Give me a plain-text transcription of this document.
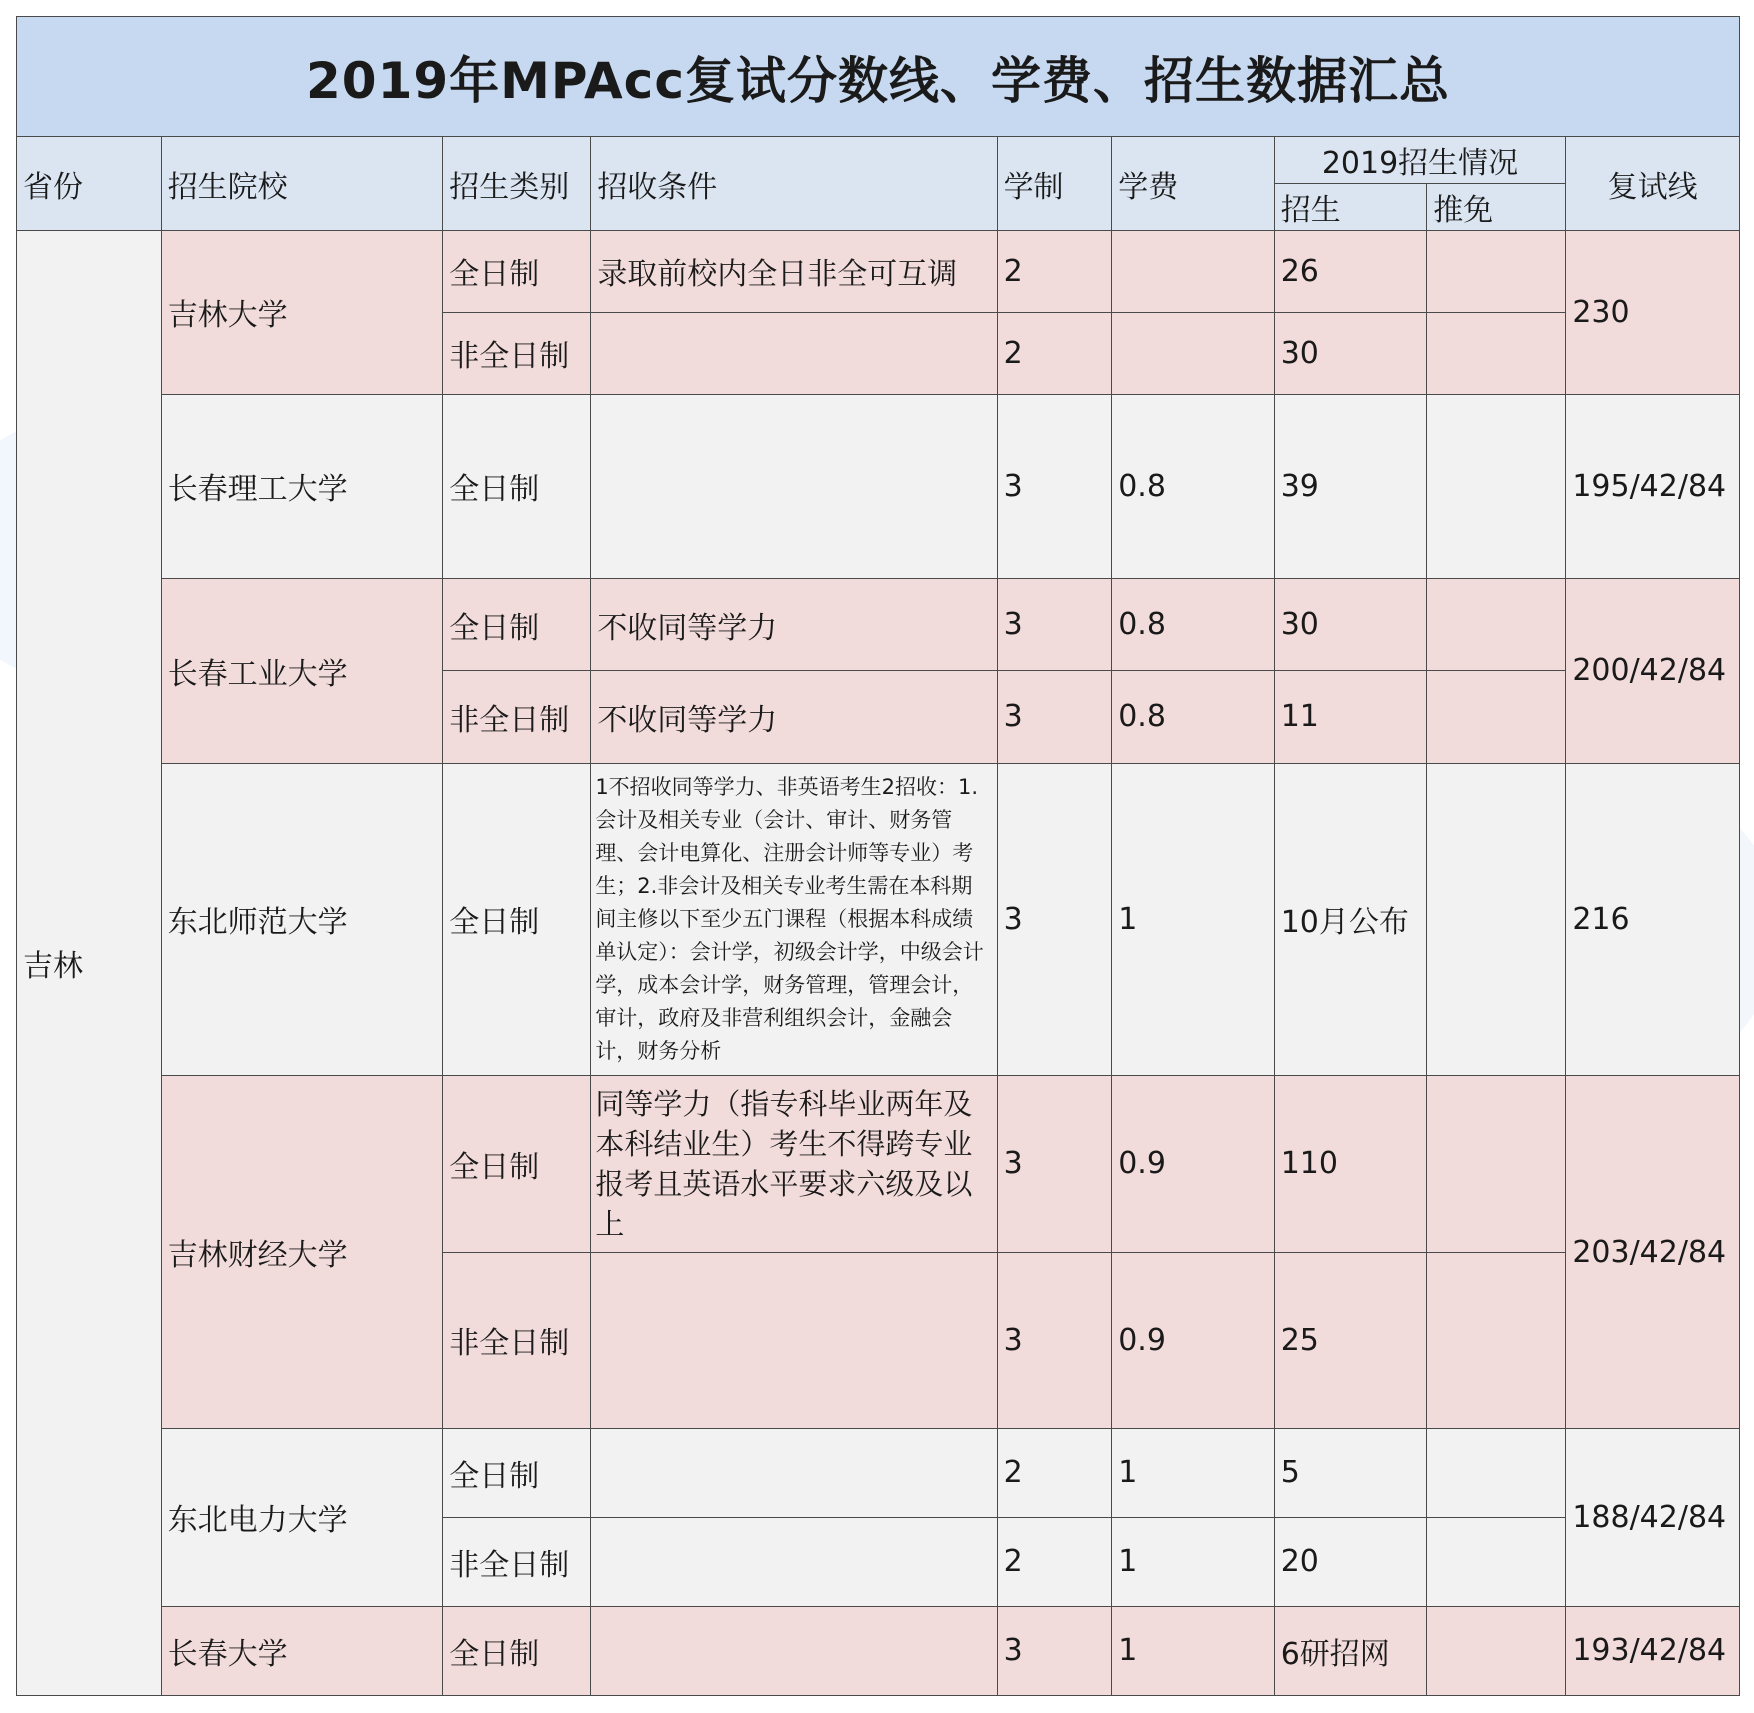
2019年MPAcc复试分数线、学费、招生数据汇总								
省份	招生院校	招生类别	招收条件	学制	学费	2019招生情况		复试线
						招生	推免	
吉林	吉林大学	全日制	录取前校内全日非全可互调	2		26		230
		非全日制		2		30		
	长春理工大学	全日制		3	0.8	39		195/42/84
	长春工业大学	全日制	不收同等学力	3	0.8	30		200/42/84
		非全日制	不收同等学力	3	0.8	11		
	东北师范大学	全日制	1不招收同等学力、非英语考生2招收：1.会计及相关专业（会计、审计、财务管理、会计电算化、注册会计师等专业）考生；2.非会计及相关专业考生需在本科期间主修以下至少五门课程（根据本科成绩单认定）：会计学，初级会计学，中级会计学，成本会计学，财务管理，管理会计，审计，政府及非营利组织会计，金融会计，财务分析	3	1	10月公布		216
	吉林财经大学	全日制	同等学力（指专科毕业两年及本科结业生）考生不得跨专业报考且英语水平要求六级及以上	3	0.9	110		203/42/84
		非全日制		3	0.9	25		
	东北电力大学	全日制		2	1	5		188/42/84
		非全日制		2	1	20		
	长春大学	全日制		3	1	6研招网		193/42/84
